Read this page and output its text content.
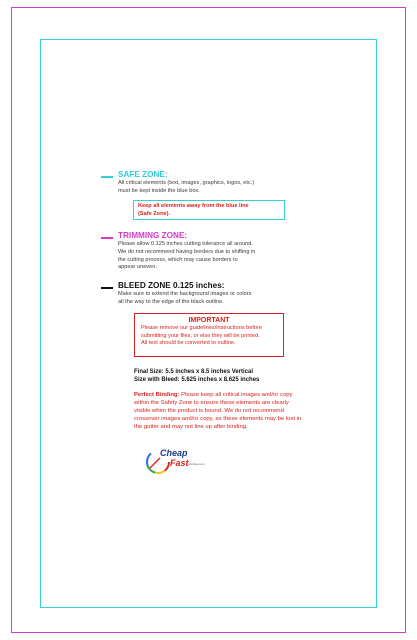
SAFE ZONE:
All critical elements (text, images, graphics, logos, etc.)
must be kept inside the blue box.
Keep all elements away from the blue line
(Safe Zone).
TRIMMING ZONE:
Please allow 0.125 inches cutting tolerance all around.
We do not recommend having borders due to shifting in
the cutting process, which may cause borders to
appear uneven.
BLEED ZONE 0.125 inches:
Make sure to extend the background images or colors
all the way to the edge of the black outline.
IMPORTANT
Please remove our guidelines/instructions before
submitting your files, or else they will be printed.
All text should be converted to outline.
Final Size: 5.5 inches x 8.5 inches Vertical
Size with Bleed: 5.625 inches x 8.625 inches
Perfect Binding: Please keep all critical images and/or copy within the Safety Zone to ensure these elements are clearly visible when the product is bound. We do not recommend crossover images and/or copy, as these elements may be lost in the gutter and may not line up after binding.
Cheap
Fast printing.com
